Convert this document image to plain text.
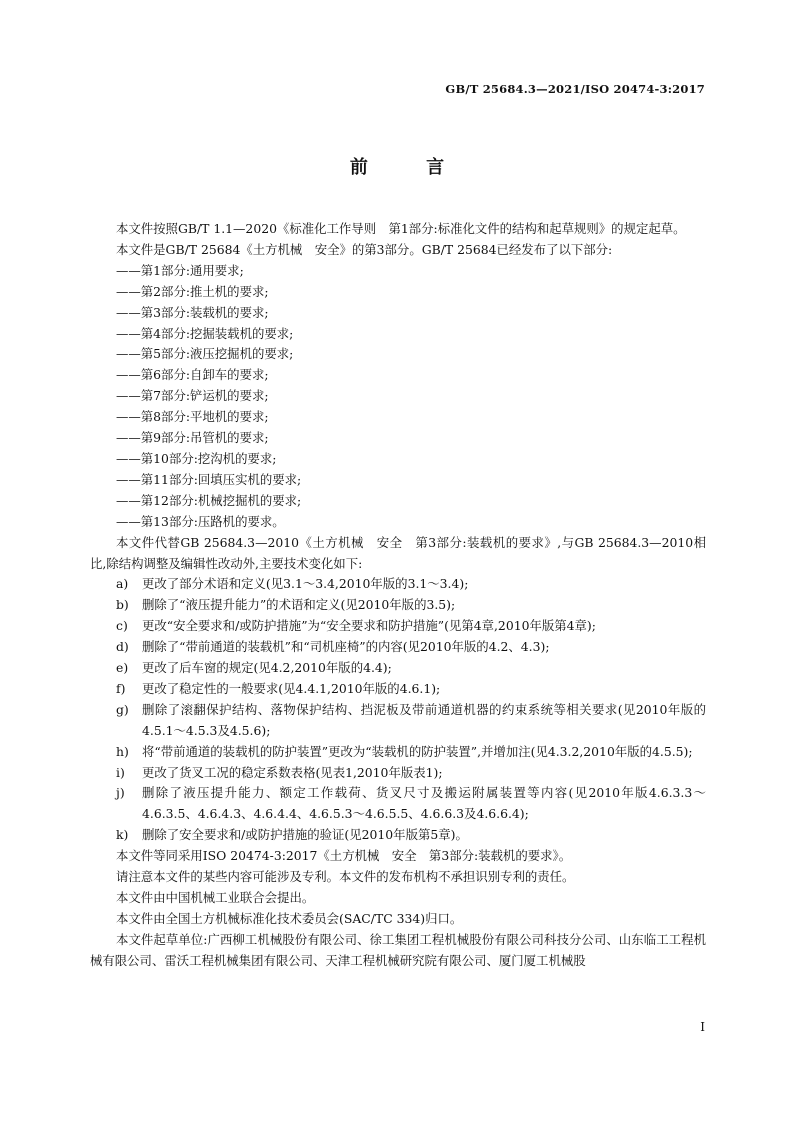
GB/T 25684.3—2021/ISO 20474-3:2017
前 言

本文件按照GB/T 1.1—2020《标准化工作导则　第1部分:标准化文件的结构和起草规则》的规定起草。

本文件是GB/T 25684《土方机械　安全》的第3部分。GB/T 25684已经发布了以下部分:

——第1部分:通用要求;

——第2部分:推土机的要求;

——第3部分:装载机的要求;

——第4部分:挖掘装载机的要求;

——第5部分:液压挖掘机的要求;

——第6部分:自卸车的要求;

——第7部分:铲运机的要求;

——第8部分:平地机的要求;

——第9部分:吊管机的要求;

——第10部分:挖沟机的要求;

——第11部分:回填压实机的要求;

——第12部分:机械挖掘机的要求;

——第13部分:压路机的要求。

本文件代替GB 25684.3—2010《土方机械　安全　第3部分:装载机的要求》,与GB 25684.3—2010相比,除结构调整及编辑性改动外,主要技术变化如下:

a)	更改了部分术语和定义(见3.1～3.4,2010年版的3.1～3.4);
b)	删除了“液压提升能力”的术语和定义(见2010年版的3.5);
c)	更改“安全要求和/或防护措施”为“安全要求和防护措施”(见第4章,2010年版第4章);
d)	删除了“带前通道的装载机”和“司机座椅”的内容(见2010年版的4.2、4.3);
e)	更改了后车窗的规定(见4.2,2010年版的4.4);
f)	更改了稳定性的一般要求(见4.4.1,2010年版的4.6.1);
g)	删除了滚翻保护结构、落物保护结构、挡泥板及带前通道机器的约束系统等相关要求(见2010年版的4.5.1～4.5.3及4.5.6);
h)	将“带前通道的装载机的防护装置”更改为“装载机的防护装置”,并增加注(见4.3.2,2010年版的4.5.5);
i)	更改了货叉工况的稳定系数表格(见表1,2010年版表1);
j)	删除了液压提升能力、额定工作载荷、货叉尺寸及搬运附属装置等内容(见2010年版4.6.3.3～4.6.3.5、4.6.4.3、4.6.4.4、4.6.5.3～4.6.5.5、4.6.6.3及4.6.6.4);
k)	删除了安全要求和/或防护措施的验证(见2010年版第5章)。

本文件等同采用ISO 20474-3:2017《土方机械　安全　第3部分:装载机的要求》。

请注意本文件的某些内容可能涉及专利。本文件的发布机构不承担识别专利的责任。

本文件由中国机械工业联合会提出。

本文件由全国土方机械标准化技术委员会(SAC/TC 334)归口。

本文件起草单位:广西柳工机械股份有限公司、徐工集团工程机械股份有限公司科技分公司、山东临工工程机械有限公司、雷沃工程机械集团有限公司、天津工程机械研究院有限公司、厦门厦工机械股

I
